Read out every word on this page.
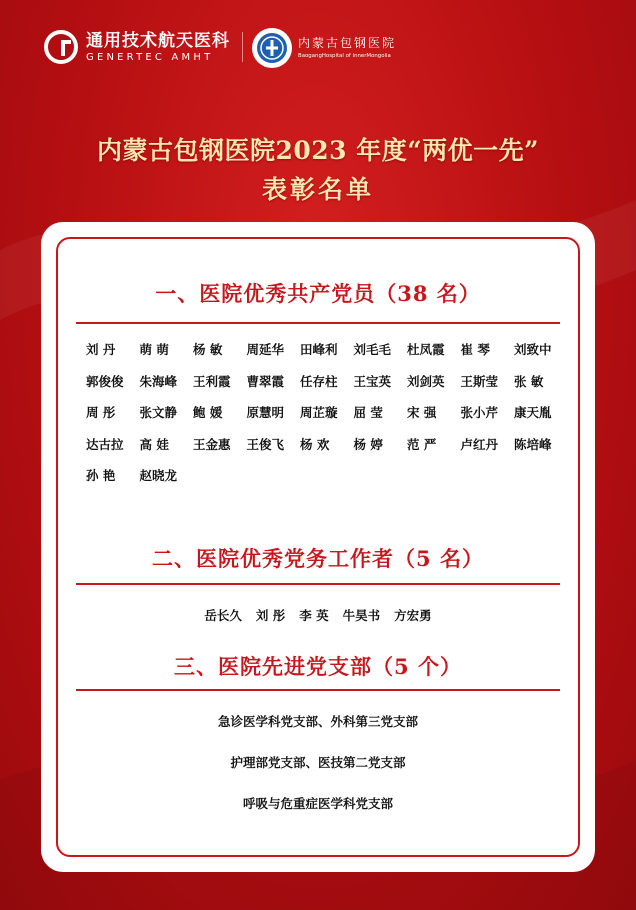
通用技术航天医科
GENERTEC AMHT
内蒙古包钢医院
BaogangHospital of InnerMongolia
内蒙古包钢医院2023 年度“两优一先”
表彰名单
一、医院优秀共产党员（38 名）
刘 丹 萌 萌 杨 敏 周延华 田峰利 刘毛毛 杜凤霞 崔 琴 刘致中
郭俊俊 朱海峰 王利霞 曹翠霞 任存柱 王宝英 刘剑英 王斯莹 张 敏
周 彤 张文静 鲍 媛 原慧明 周芷璇 屈 莹 宋 强 张小芹 康天胤
达古拉 高 娃 王金惠 王俊飞 杨 欢 杨 婷 范 严 卢红丹 陈培峰
孙 艳 赵晓龙
二、医院优秀党务工作者（5 名）
岳长久 刘 彤 李 英 牛昊书 方宏勇
三、医院先进党支部（5 个）
急诊医学科党支部、外科第三党支部
护理部党支部、医技第二党支部
呼吸与危重症医学科党支部
